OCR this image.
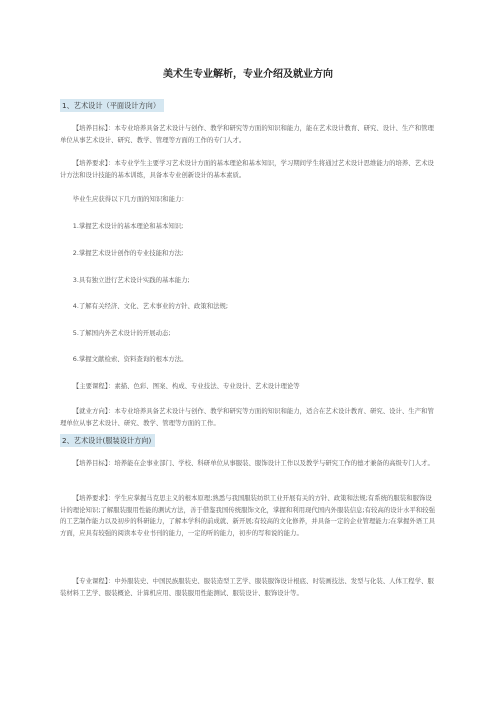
美术生专业解析，专业介绍及就业方向
1、艺术设计（平面设计方向）
【培养目标】：本专业培养具备艺术设计与创作、教学和研究等方面的知识和能力，能在艺术设计教育、研究、设计、生产和管理单位从事艺术设计、研究、教学、管理等方面的工作的专门人才。
【培养要求】：本专业学生主要学习艺术设计方面的基本理论和基本知识，学习期间学生将通过艺术设计思维能力的培养、艺术设计方法和设计技能的基本训练，具备本专业创新设计的基本素质。
毕业生应获得以下几方面的知识和能力：
1.掌握艺术设计的基本理论和基本知识;
2.掌握艺术设计创作的专业技能和方法;
3.具有独立进行艺术设计实践的基本能力;
4.了解有关经济、文化、艺术事业的方针、政策和法规;
5.了解国内外艺术设计的开展动态;
6.掌握文献检索、资料查询的根本方法。
【主要课程】：素描、色彩、图案、构成、专业技法、专业设计、艺术设计理论等
【就业方向】：本专业培养具备艺术设计与创作、教学和研究等方面的知识和能力，适合在艺术设计教育、研究、设计、生产和管理单位从事艺术设计、研究、教学、管理等方面的工作。
2、艺术设计(服装设计方向)
【培养目标】：培养能在企事业部门、学校、科研单位从事服装、服饰设计工作以及教学与研究工作的德才兼备的高级专门人才。
【培养要求】：学生应掌握马克思主义的根本原理;熟悉与我国服装纺织工业开展有关的方针、政策和法规;有系统的服装和服饰设计的理论知识;了解服装服用性能的测试方法，善于借鉴我国传统服饰文化，掌握和利用现代国内外服装信息;有较高的设计水平和较强的工艺制作能力以及初步的科研能力，了解本学科的前成就、新开展;有较高的文化修养，并具备一定的企业管理能力;在掌握外语工具方面，应具有较强的阅读本专业书刊的能力，一定的听的能力，初步的写和说的能力。
【专业课程】：中外服装史、中国民族服装史、服装造型工艺学、服装服饰设计根底、时装画技法、发型与化装、人体工程学、服装材料工艺学、服装概论、计算机应用、服装服用性能测试、服装设计、服饰设计等。
